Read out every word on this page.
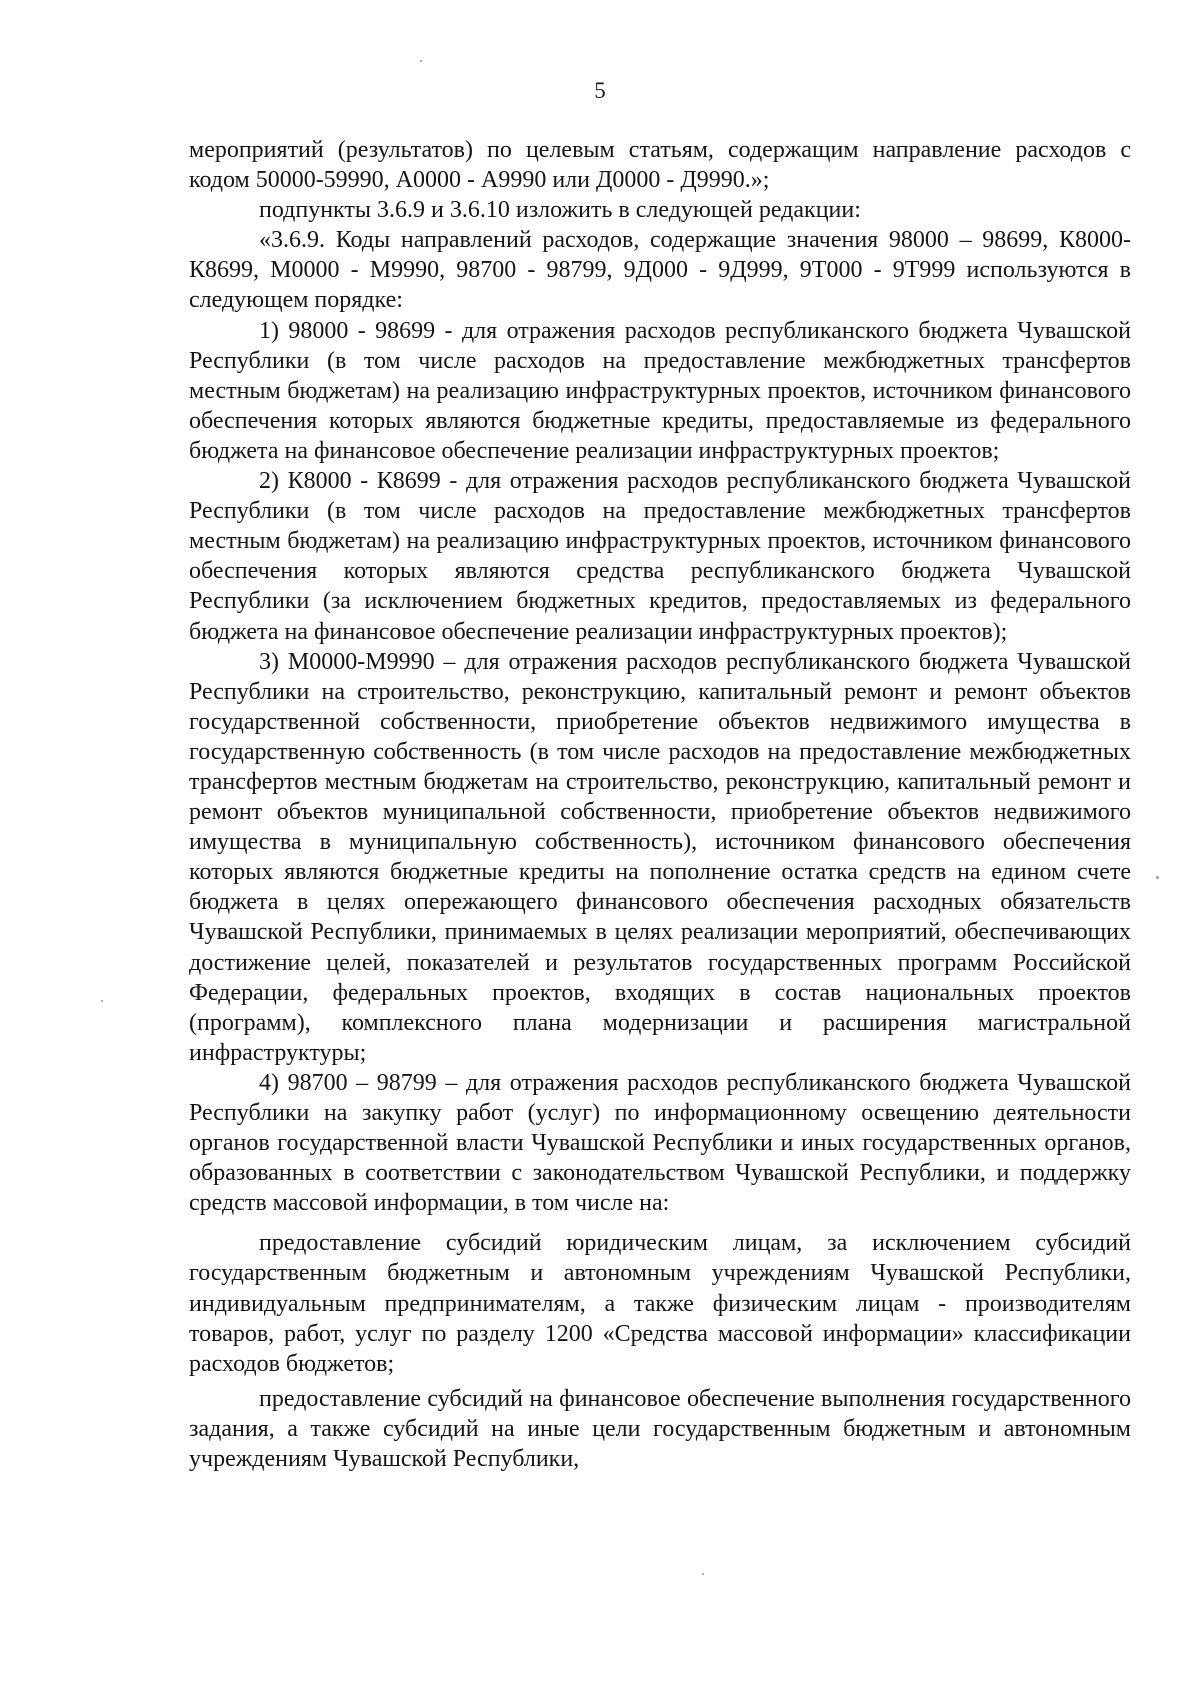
5

мероприятий (результатов) по целевым статьям, содержащим направление расходов с кодом 50000-59990, А0000 - А9990 или Д0000 - Д9990.»;

подпункты 3.6.9 и 3.6.10 изложить в следующей редакции:

«3.6.9. Коды направлений расходов, содержащие значения 98000 – 98699, К8000-К8699, М0000 - М9990, 98700 - 98799, 9Д000 - 9Д999, 9Т000 - 9Т999 используются в следующем порядке:

1) 98000 - 98699 - для отражения расходов республиканского бюджета Чувашской Республики (в том числе расходов на предоставление межбюджетных трансфертов местным бюджетам) на реализацию инфраструктурных проектов, источником финансового обеспечения которых являются бюджетные кредиты, предоставляемые из федерального бюджета на финансовое обеспечение реализации инфраструктурных проектов;

2) К8000 - К8699 - для отражения расходов республиканского бюджета Чувашской Республики (в том числе расходов на предоставление межбюджетных трансфертов местным бюджетам) на реализацию инфраструктурных проектов, источником финансового обеспечения которых являются средства республиканского бюджета Чувашской Республики (за исключением бюджетных кредитов, предоставляемых из федерального бюджета на финансовое обеспечение реализации инфраструктурных проектов);

3) М0000-М9990 – для отражения расходов республиканского бюджета Чувашской Республики на строительство, реконструкцию, капитальный ремонт и ремонт объектов государственной собственности, приобретение объектов недвижимого имущества в государственную собственность (в том числе расходов на предоставление межбюджетных трансфертов местным бюджетам на строительство, реконструкцию, капитальный ремонт и ремонт объектов муниципальной собственности, приобретение объектов недвижимого имущества в муниципальную собственность), источником финансового обеспечения которых являются бюджетные кредиты на пополнение остатка средств на едином счете бюджета в целях опережающего финансового обеспечения расходных обязательств Чувашской Республики, принимаемых в целях реализации мероприятий, обеспечивающих достижение целей, показателей и результатов государственных программ Российской Федерации, федеральных проектов, входящих в состав национальных проектов (программ), комплексного плана модернизации и расширения магистральной инфраструктуры;

4) 98700 – 98799 – для отражения расходов республиканского бюджета Чувашской Республики на закупку работ (услуг) по информационному освещению деятельности органов государственной власти Чувашской Республики и иных государственных органов, образованных в соответствии с законодательством Чувашской Республики, и поддержку средств массовой информации, в том числе на:

предоставление субсидий юридическим лицам, за исключением субсидий государственным бюджетным и автономным учреждениям Чувашской Республики, индивидуальным предпринимателям, а также физическим лицам - производителям товаров, работ, услуг по разделу 1200 «Средства массовой информации» классификации расходов бюджетов;

предоставление субсидий на финансовое обеспечение выполнения государственного задания, а также субсидий на иные цели государственным бюджетным и автономным учреждениям Чувашской Республики,
